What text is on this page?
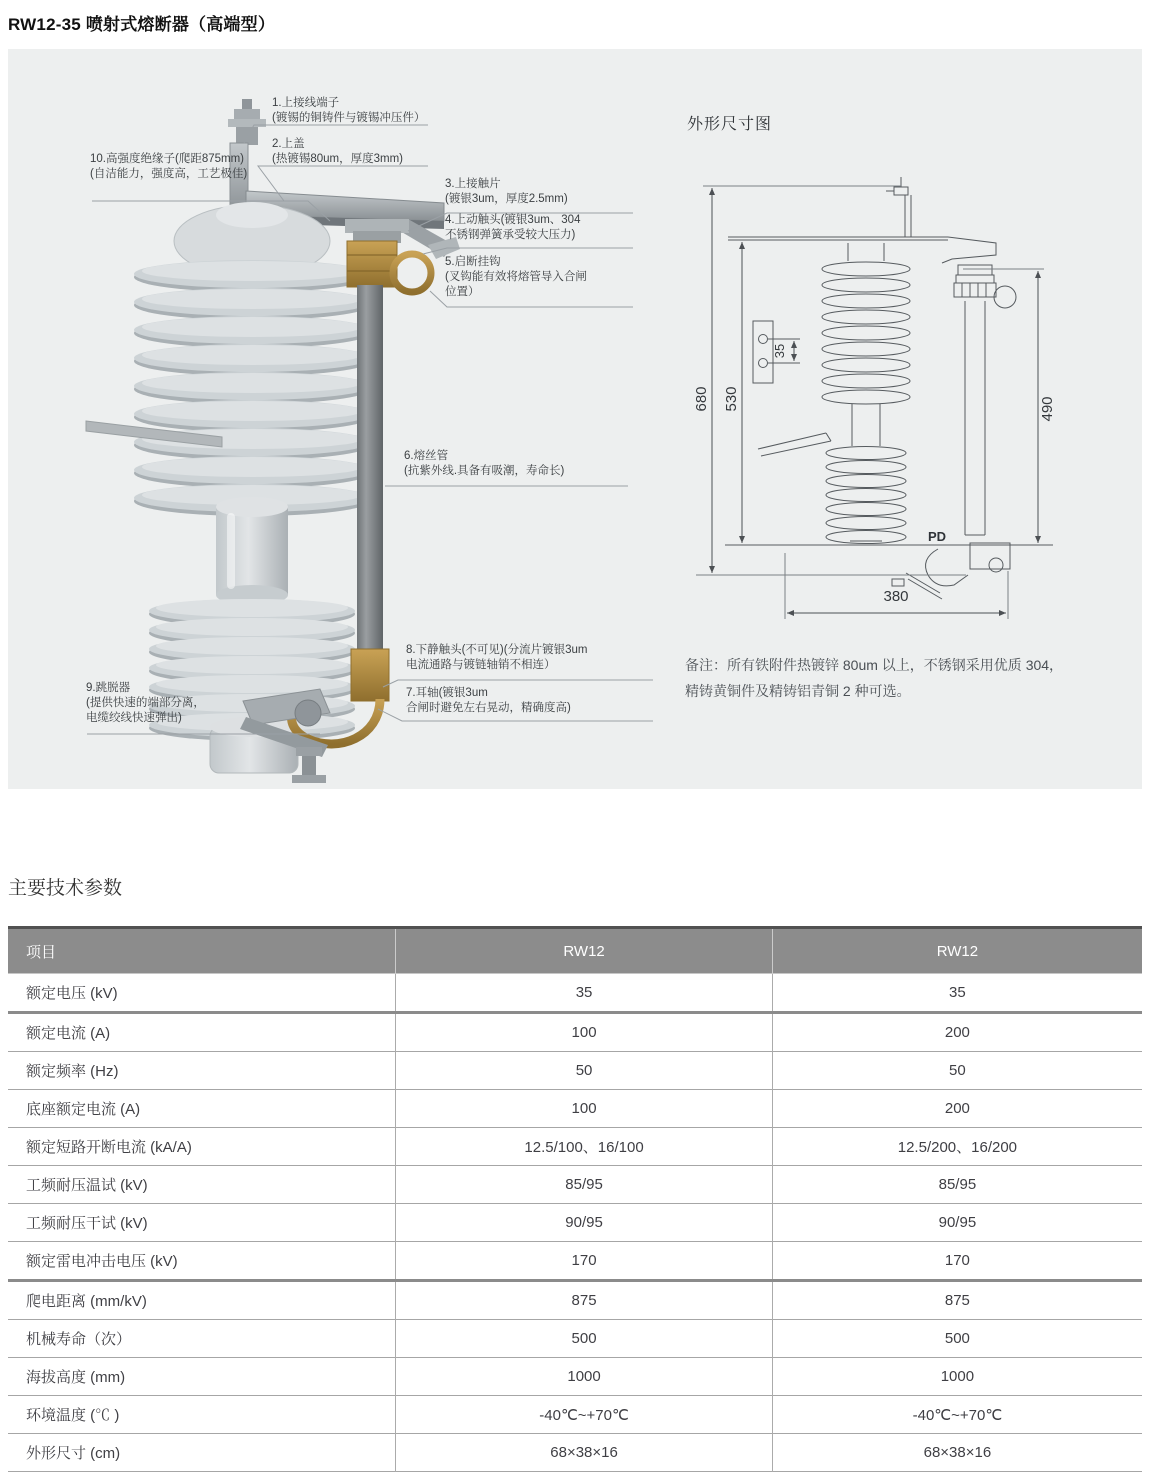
RW12-35 喷射式熔断器（高端型）
680 530	490
35
380
PD
1.上接线端子
(镀锡的铜铸件与镀锡冲压件）
2.上盖
(热镀锡80um，厚度3mm)
10.高强度绝缘子(爬距875mm)
(自洁能力，强度高，工艺极佳)
3.上接触片
(镀银3um，厚度2.5mm)
4.上动触头(镀银3um、304
不锈钢弹簧承受较大压力)
5.启断挂钩
(叉钩能有效将熔管导入合闸
位置）
6.熔丝管
(抗紫外线.具备有吸潮，寿命长)
8.下静触头(不可见)(分流片镀银3um
电流通路与镀链轴销不相连）
7.耳轴(镀银3um
合闸时避免左右晃动，精确度高)
9.跳脱器
(提供快速的端部分离，
电缆绞线快速弹出)
外形尺寸图
备注：所有铁附件热镀锌 80um 以上，不锈钢采用优质 304，
精铸黄铜件及精铸铝青铜 2 种可选。
主要技术参数
项目	RW12	RW12
额定电压 (kV)	35	35
额定电流 (A)	100	200
额定频率 (Hz)	50	50
底座额定电流 (A)	100	200
额定短路开断电流 (kA/A)	12.5/100、16/100	12.5/200、16/200
工频耐压温试 (kV)	85/95	85/95
工频耐压干试 (kV)	90/95	90/95
额定雷电冲击电压 (kV)	170	170
爬电距离 (mm/kV)	875	875
机械寿命（次）	500	500
海拔高度 (mm)	1000	1000
环境温度 (℃ )	-40℃~+70℃	-40℃~+70℃
外形尺寸 (cm)	68×38×16	68×38×16
